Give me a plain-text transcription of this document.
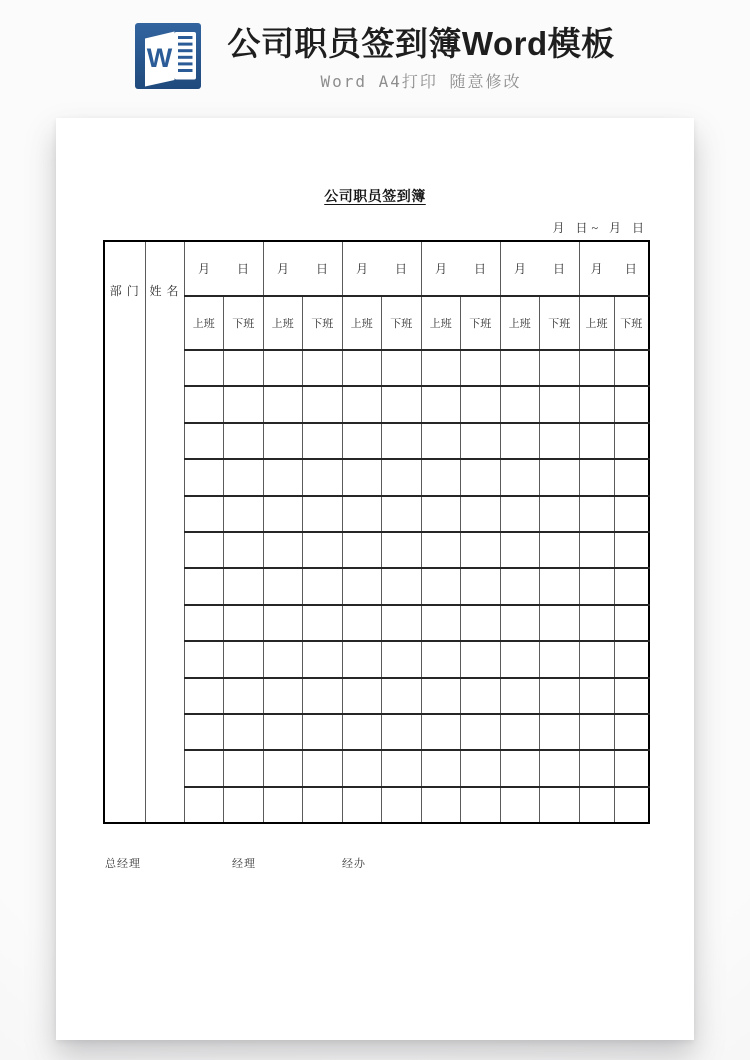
W 公司职员签到簿Word模板
Word A4打印 随意修改
公司职员签到簿
月 日~ 月 日
部 门	姓 名	月 日		月 日		月 日		月 日		月 日		月 日	

		上班	下班	上班	下班	上班	下班	上班	下班	上班	下班	上班	下班

总经理	经理	经办
